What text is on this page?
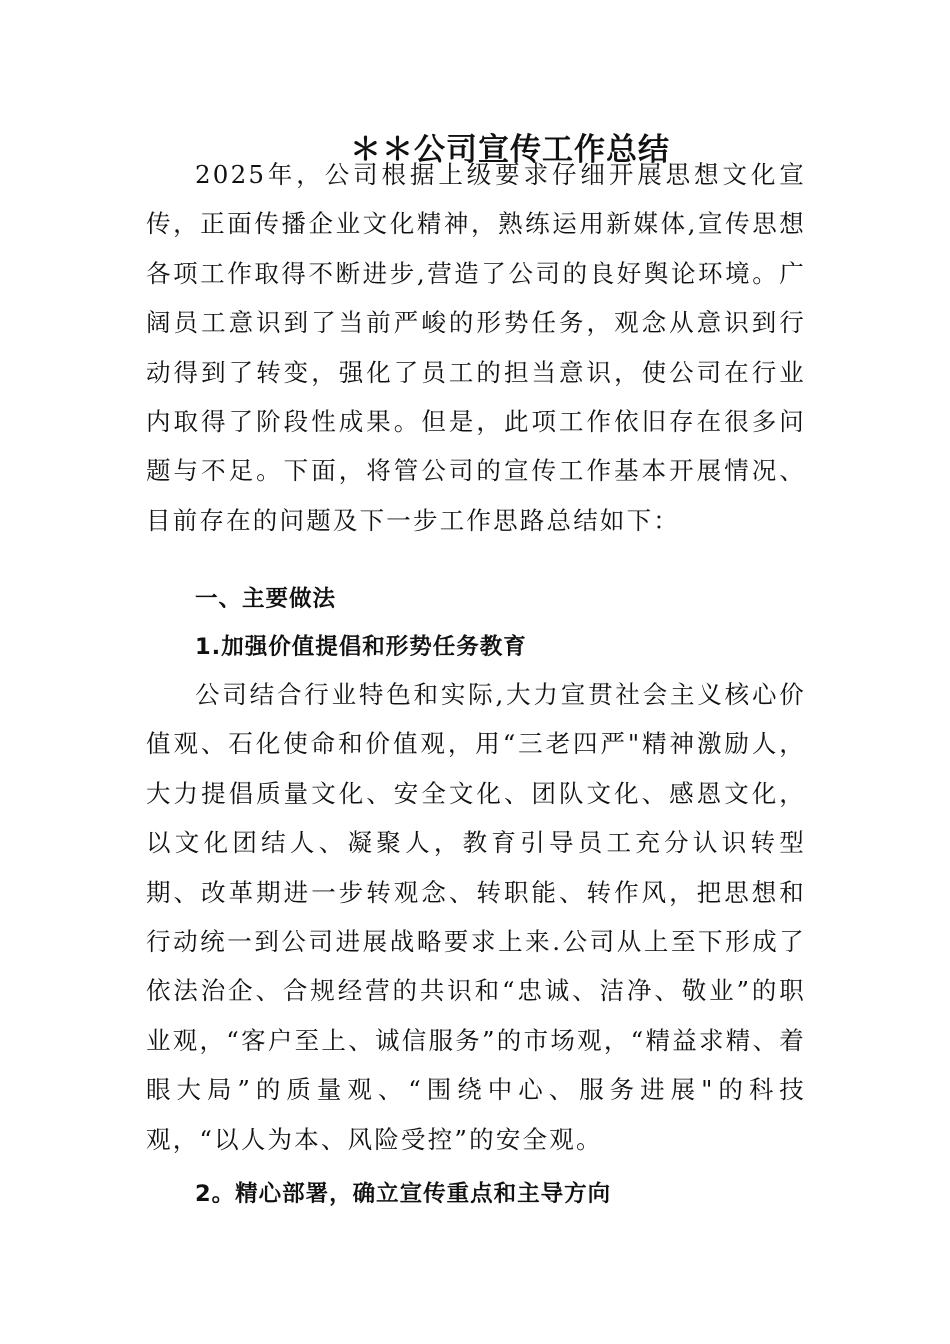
＊＊公司宣传工作总结

2025年，公司根据上级要求仔细开展思想文化宣传，正面传播企业文化精神，熟练运用新媒体,宣传思想各项工作取得不断进步,营造了公司的良好舆论环境。广阔员工意识到了当前严峻的形势任务，观念从意识到行动得到了转变，强化了员工的担当意识，使公司在行业内取得了阶段性成果。但是，此项工作依旧存在很多问题与不足。下面，将管公司的宣传工作基本开展情况、目前存在的问题及下一步工作思路总结如下：

一、主要做法
1.加强价值提倡和形势任务教育

公司结合行业特色和实际,大力宣贯社会主义核心价值观、石化使命和价值观，用“三老四严"精神激励人，大力提倡质量文化、安全文化、团队文化、感恩文化，以文化团结人、凝聚人，教育引导员工充分认识转型期、改革期进一步转观念、转职能、转作风，把思想和行动统一到公司进展战略要求上来.公司从上至下形成了依法治企、合规经营的共识和“忠诚、洁净、敬业”的职业观，“客户至上、诚信服务”的市场观，“精益求精、着眼大局”的质量观、“围绕中心、服务进展"的科技观，“以人为本、风险受控”的安全观。

2。精心部署，确立宣传重点和主导方向
